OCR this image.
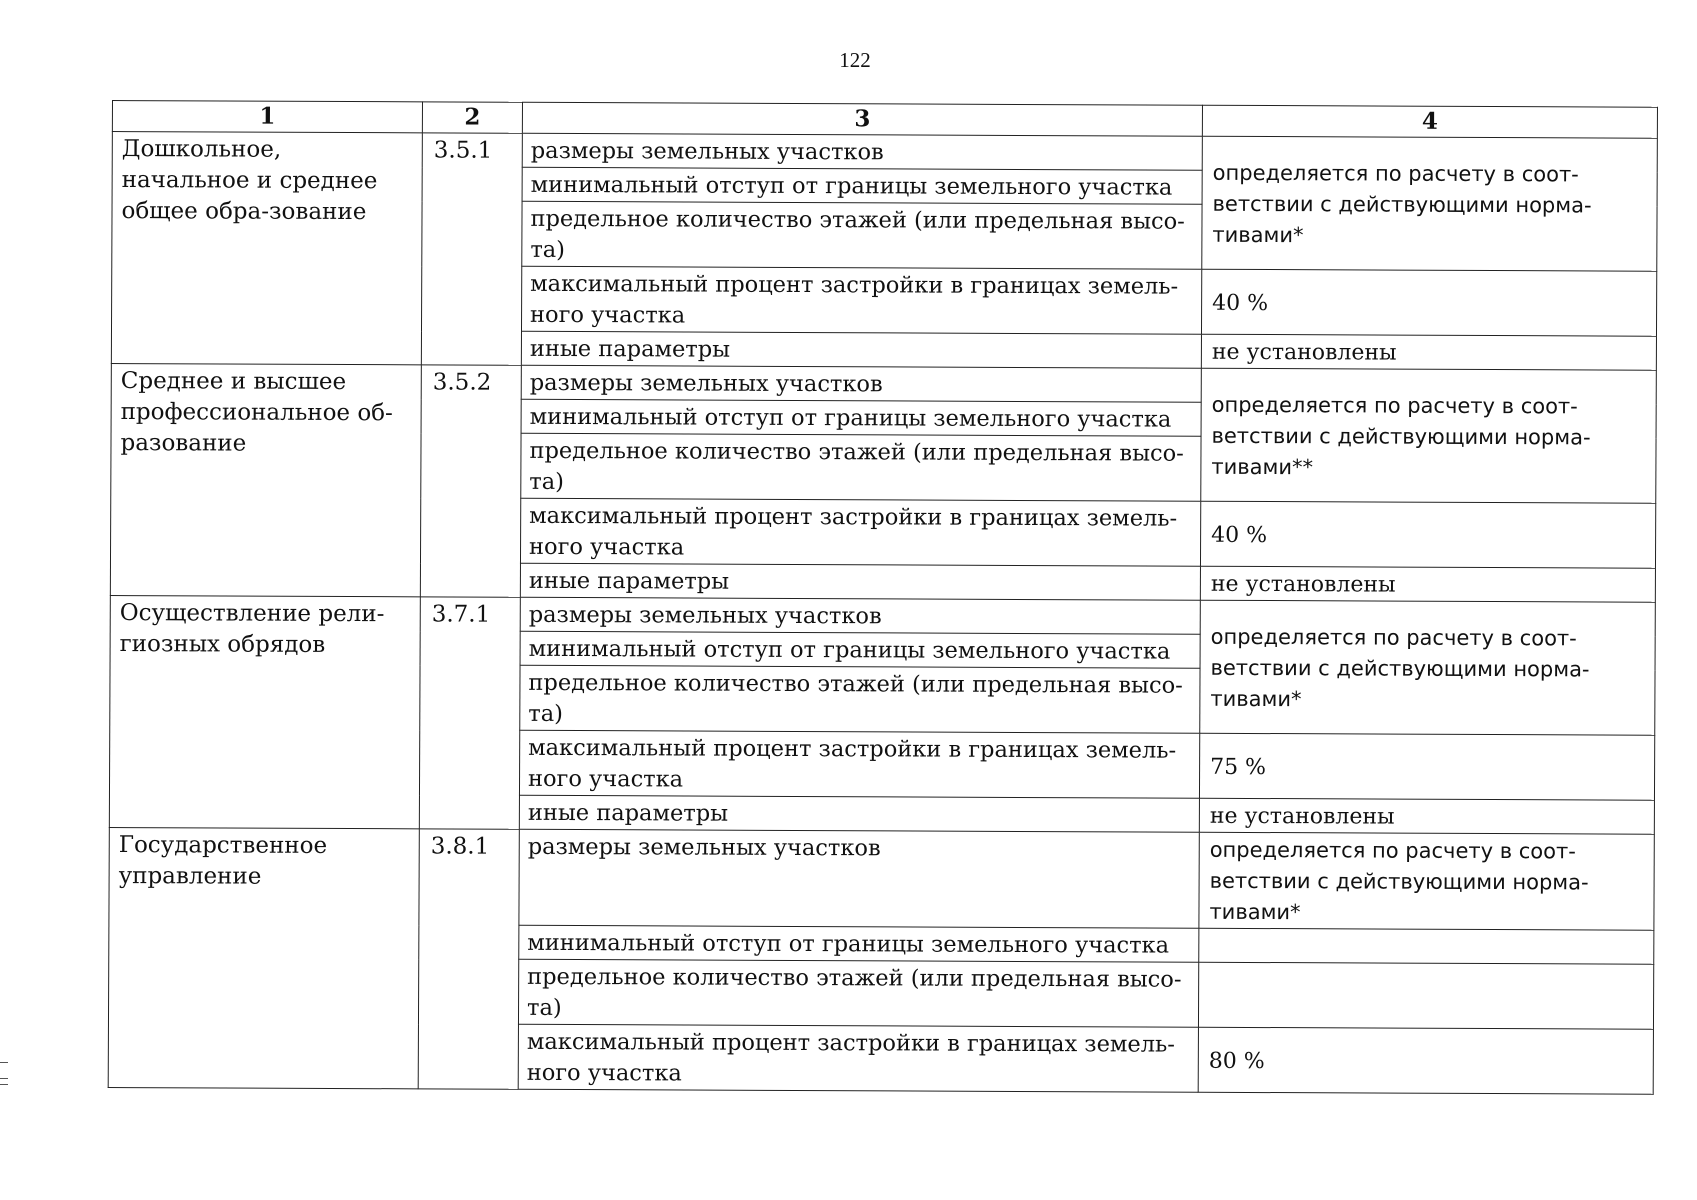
122
1	2	3	4
Дошкольное, начальное и среднее общее обра-зование	3.5.1	размеры земельных участков	определяется по расчету в соот-ветствии с действующими норма-тивами*
		минимальный отступ от границы земельного участка	
		предельное количество этажей (или предельная высо-та)	
		максимальный процент застройки в границах земель-ного участка	40 %
		иные параметры	не установлены
Среднее и высшее профессиональное об-разование	3.5.2	размеры земельных участков	определяется по расчету в соот-ветствии с действующими норма-тивами**
		минимальный отступ от границы земельного участка	
		предельное количество этажей (или предельная высо-та)	
		максимальный процент застройки в границах земель-ного участка	40 %
		иные параметры	не установлены
Осуществление рели-гиозных обрядов	3.7.1	размеры земельных участков	определяется по расчету в соот-ветствии с действующими норма-тивами*
		минимальный отступ от границы земельного участка	
		предельное количество этажей (или предельная высо-та)	
		максимальный процент застройки в границах земель-ного участка	75 %
		иные параметры	не установлены
Государственное управление	3.8.1	размеры земельных участков	определяется по расчету в соот-ветствии с действующими норма-тивами*
		минимальный отступ от границы земельного участка	
		предельное количество этажей (или предельная высо-та)	
		максимальный процент застройки в границах земель-ного участка	80 %
